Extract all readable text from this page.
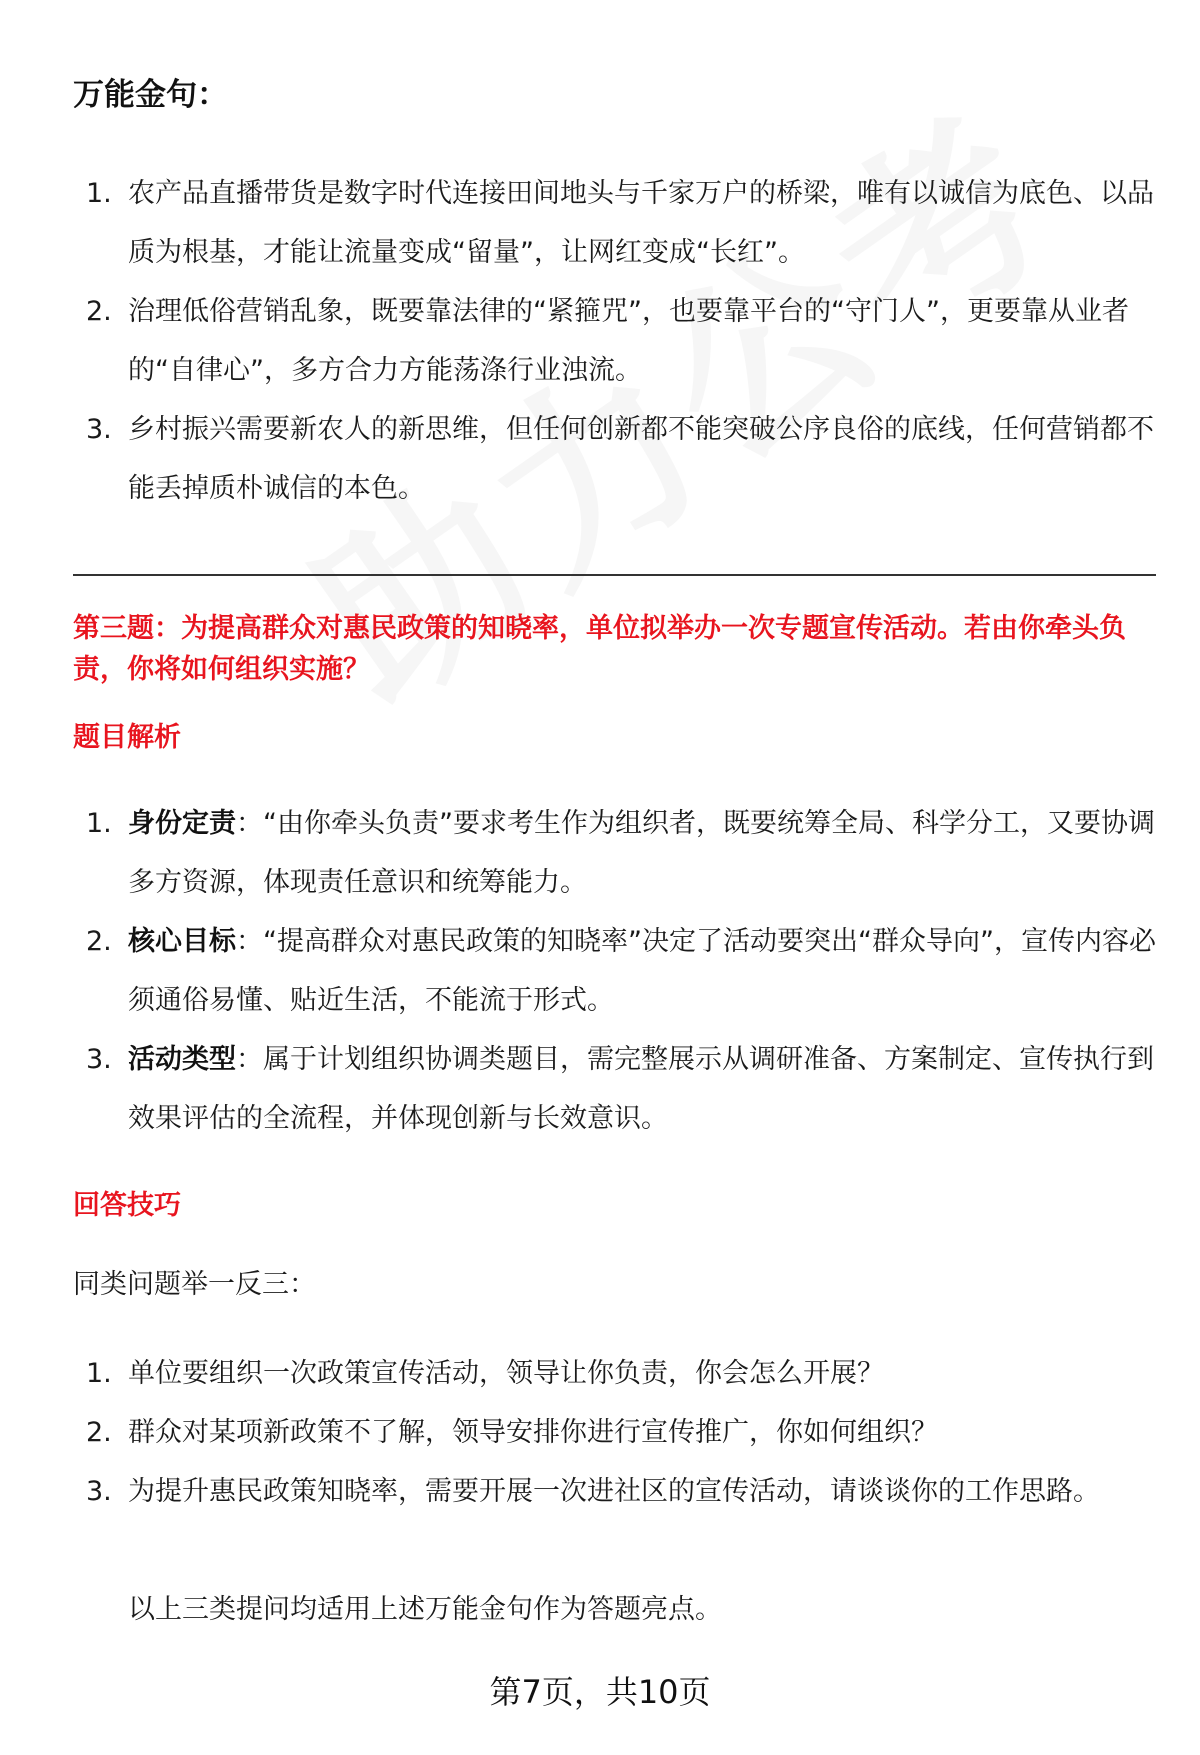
万能金句：
1. 农产品直播带货是数字时代连接田间地头与千家万户的桥梁，唯有以诚信为底色、以品质为根基，才能让流量变成“留量”，让网红变成“长红”。
2. 治理低俗营销乱象，既要靠法律的“紧箍咒”，也要靠平台的“守门人”，更要靠从业者的“自律心”，多方合力方能荡涤行业浊流。
3. 乡村振兴需要新农人的新思维，但任何创新都不能突破公序良俗的底线，任何营销都不能丢掉质朴诚信的本色。
第三题：为提高群众对惠民政策的知晓率，单位拟举办一次专题宣传活动。若由你牵头负责，你将如何组织实施？
题目解析
1. 身份定责：“由你牵头负责”要求考生作为组织者，既要统筹全局、科学分工，又要协调多方资源，体现责任意识和统筹能力。
2. 核心目标：“提高群众对惠民政策的知晓率”决定了活动要突出“群众导向”，宣传内容必须通俗易懂、贴近生活，不能流于形式。
3. 活动类型：属于计划组织协调类题目，需完整展示从调研准备、方案制定、宣传执行到效果评估的全流程，并体现创新与长效意识。
回答技巧
同类问题举一反三：
1. 单位要组织一次政策宣传活动，领导让你负责，你会怎么开展？
2. 群众对某项新政策不了解，领导安排你进行宣传推广，你如何组织？
3. 为提升惠民政策知晓率，需要开展一次进社区的宣传活动，请谈谈你的工作思路。
以上三类提问均适用上述万能金句作为答题亮点。
第7页，共10页
